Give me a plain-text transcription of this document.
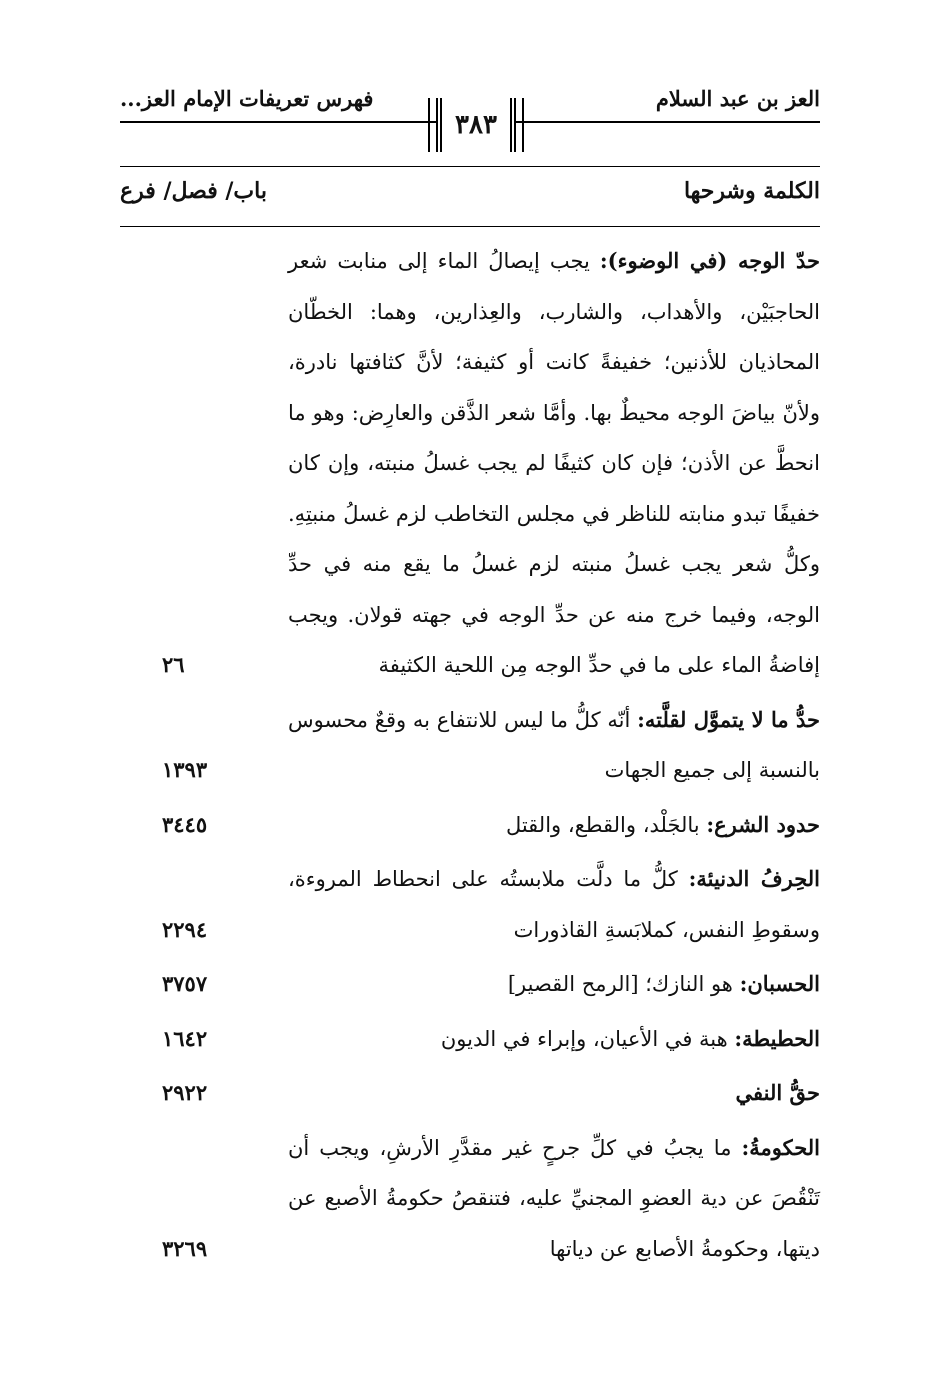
العز بن عبد السلام
فهرس تعريفات الإمام العز...
٣٨٣
الكلمة وشرحها
باب/ فصل/ فرع
حدّ الوجه (في الوضوء): يجب إيصالُ الماء إلى منابت شعر الحاجبَيْن، والأهداب، والشارب، والعِذارين، وهما: الخطّان المحاذيان للأذنين؛ خفيفةً كانت أو كثيفة؛ لأنَّ كثافتها نادرة، ولأنّ بياضَ الوجه محيطٌ بها. وأمَّا شعر الذَّقن والعارِض: وهو ما انحطَّ عن الأذن؛ فإن كان كثيفًا لم يجب غسلُ منبته، وإن كان خفيفًا تبدو منابته للناظر في مجلس التخاطب لزم غسلُ منبتِهِ. وكلُّ شعر يجب غسلُ منبته لزم غسلُ ما يقع منه في حدِّ الوجه، وفيما خرج منه عن حدِّ الوجه في جهته قولان. ويجب إفاضةُ الماء على ما في حدِّ الوجه مِن اللحية الكثيفة
٢٦
حدُّ ما لا يتموَّل لقلَّته: أنّه كلُّ ما ليس للانتفاع به وقعٌ محسوس بالنسبة إلى جميع الجهات
١٣٩٣
حدود الشرع: بالجَلْد، والقطع، والقتل
٣٤٤٥
الحِرفُ الدنيئة: كلُّ ما دلَّت ملابستُه على انحطاط المروءة، وسقوطِ النفس، كملابَسةِ القاذورات
٢٢٩٤
الحسبان: هو النازك؛ [الرمح القصير]
٣٧٥٧
الحطيطة: هبة في الأعيان، وإبراء في الديون
١٦٤٢
حقُّ النفي
٢٩٢٢
الحكومةُ: ما يجبُ في كلِّ جرحٍ غير مقدَّرِ الأرشِ، ويجب أن تَنْقُصَ عن دية العضوِ المجنيِّ عليه، فتنقصُ حكومةُ الأصبع عن ديتها، وحكومةُ الأصابع عن دياتها
٣٢٦٩
